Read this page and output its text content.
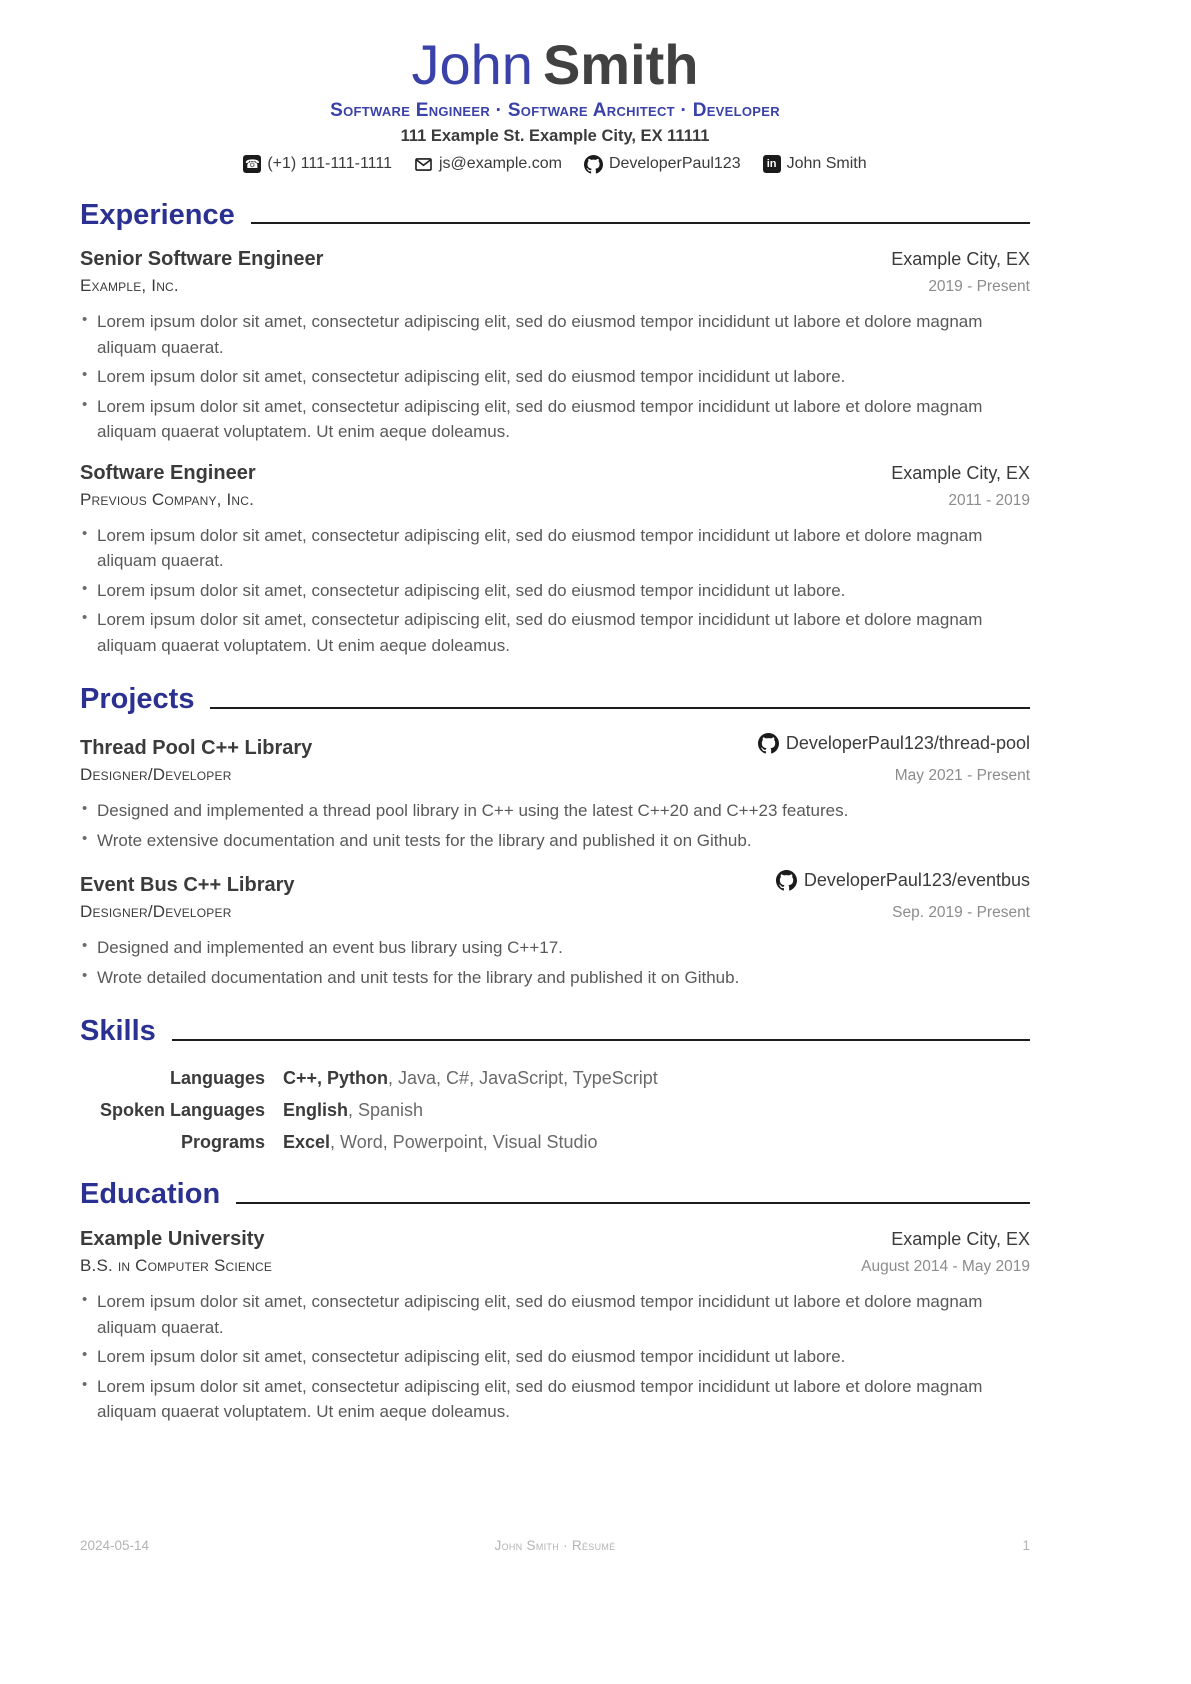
John Smith
Software Engineer · Software Architect · Developer
111 Example St. Example City, EX 11111
☎ (+1) 111-111-1111	js@example.com	DeveloperPaul123	in John Smith
Experience
Senior Software Engineer	Example City, EX
Example, Inc.	2019 - Present
• Lorem ipsum dolor sit amet, consectetur adipiscing elit, sed do eiusmod tempor incididunt ut labore et dolore magnam aliquam quaerat.
• Lorem ipsum dolor sit amet, consectetur adipiscing elit, sed do eiusmod tempor incididunt ut labore.
• Lorem ipsum dolor sit amet, consectetur adipiscing elit, sed do eiusmod tempor incididunt ut labore et dolore magnam aliquam quaerat voluptatem. Ut enim aeque doleamus.
Software Engineer	Example City, EX
Previous Company, Inc.	2011 - 2019
• Lorem ipsum dolor sit amet, consectetur adipiscing elit, sed do eiusmod tempor incididunt ut labore et dolore magnam aliquam quaerat.
• Lorem ipsum dolor sit amet, consectetur adipiscing elit, sed do eiusmod tempor incididunt ut labore.
• Lorem ipsum dolor sit amet, consectetur adipiscing elit, sed do eiusmod tempor incididunt ut labore et dolore magnam aliquam quaerat voluptatem. Ut enim aeque doleamus.
Projects
Thread Pool C++ Library	DeveloperPaul123/thread-pool
Designer/Developer	May 2021 - Present
• Designed and implemented a thread pool library in C++ using the latest C++20 and C++23 features.
• Wrote extensive documentation and unit tests for the library and published it on Github.
Event Bus C++ Library	DeveloperPaul123/eventbus
Designer/Developer	Sep. 2019 - Present
• Designed and implemented an event bus library using C++17.
• Wrote detailed documentation and unit tests for the library and published it on Github.
Skills
Languages C++, Python, Java, C#, JavaScript, TypeScript
Spoken Languages English, Spanish
Programs Excel, Word, Powerpoint, Visual Studio
Education
Example University	Example City, EX
B.S. in Computer Science	August 2014 - May 2019
• Lorem ipsum dolor sit amet, consectetur adipiscing elit, sed do eiusmod tempor incididunt ut labore et dolore magnam aliquam quaerat.
• Lorem ipsum dolor sit amet, consectetur adipiscing elit, sed do eiusmod tempor incididunt ut labore.
• Lorem ipsum dolor sit amet, consectetur adipiscing elit, sed do eiusmod tempor incididunt ut labore et dolore magnam aliquam quaerat voluptatem. Ut enim aeque doleamus.
2024-05-14	John Smith · Résumé	1
